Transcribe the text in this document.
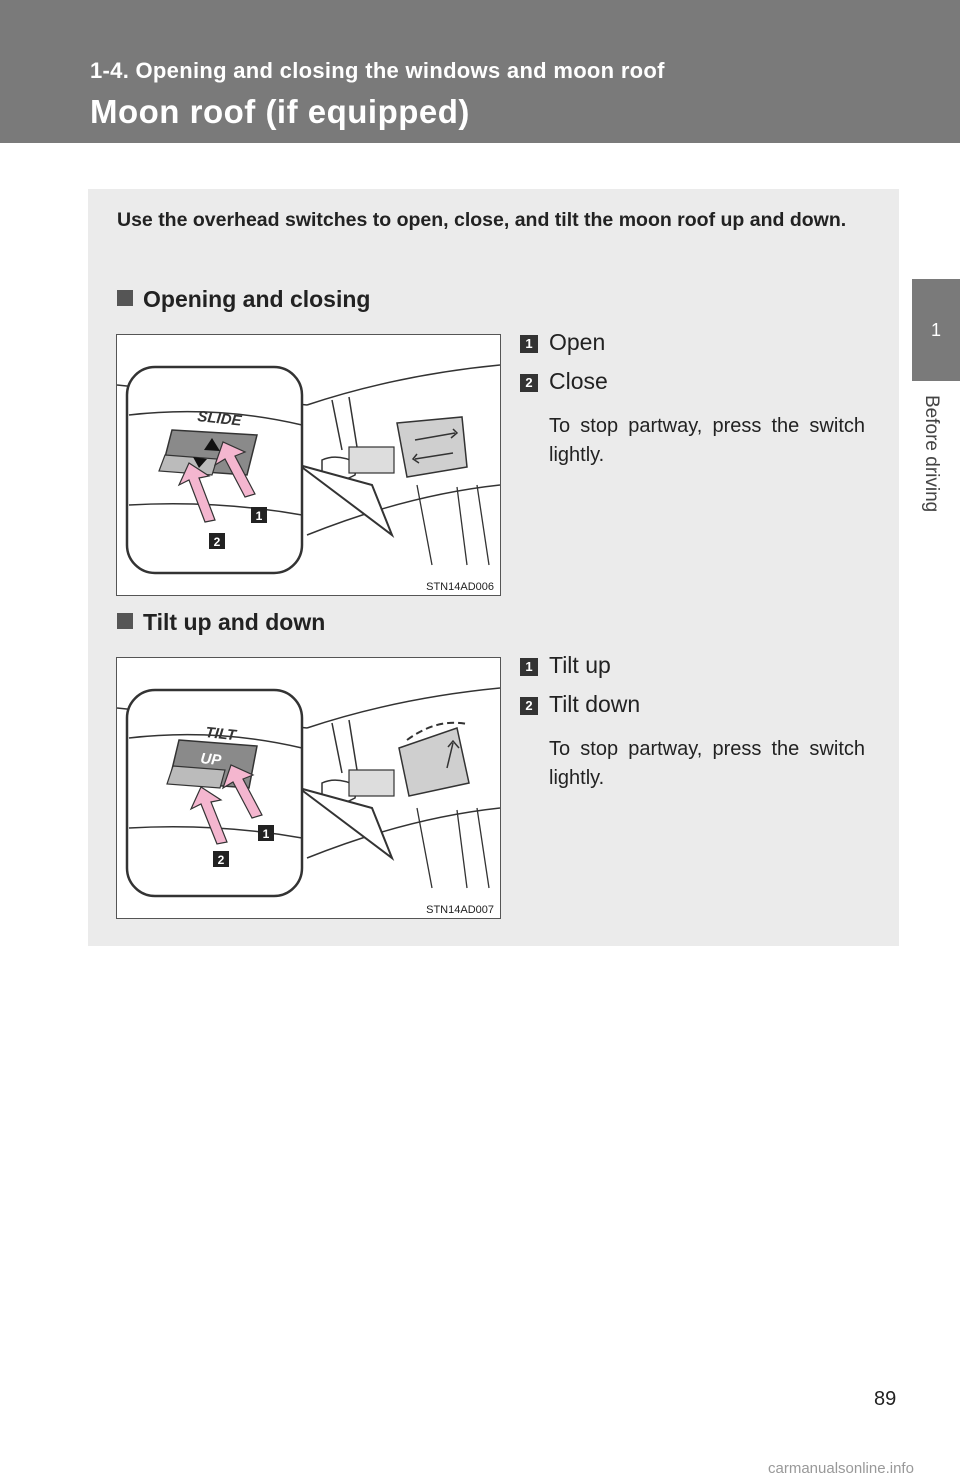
1-4. Opening and closing the windows and moon roof
Moon roof (if equipped)
1
Before driving
Use the overhead switches to open, close, and tilt the moon roof up and down.
Opening and closing
SLIDE
1
2
STN14AD006
1 Open
2 Close
To stop partway, press the switch lightly.
Tilt up and down
TILT
UP
1
2
STN14AD007
1 Tilt up
2 Tilt down
To stop partway, press the switch lightly.
89
carmanualsonline.info
